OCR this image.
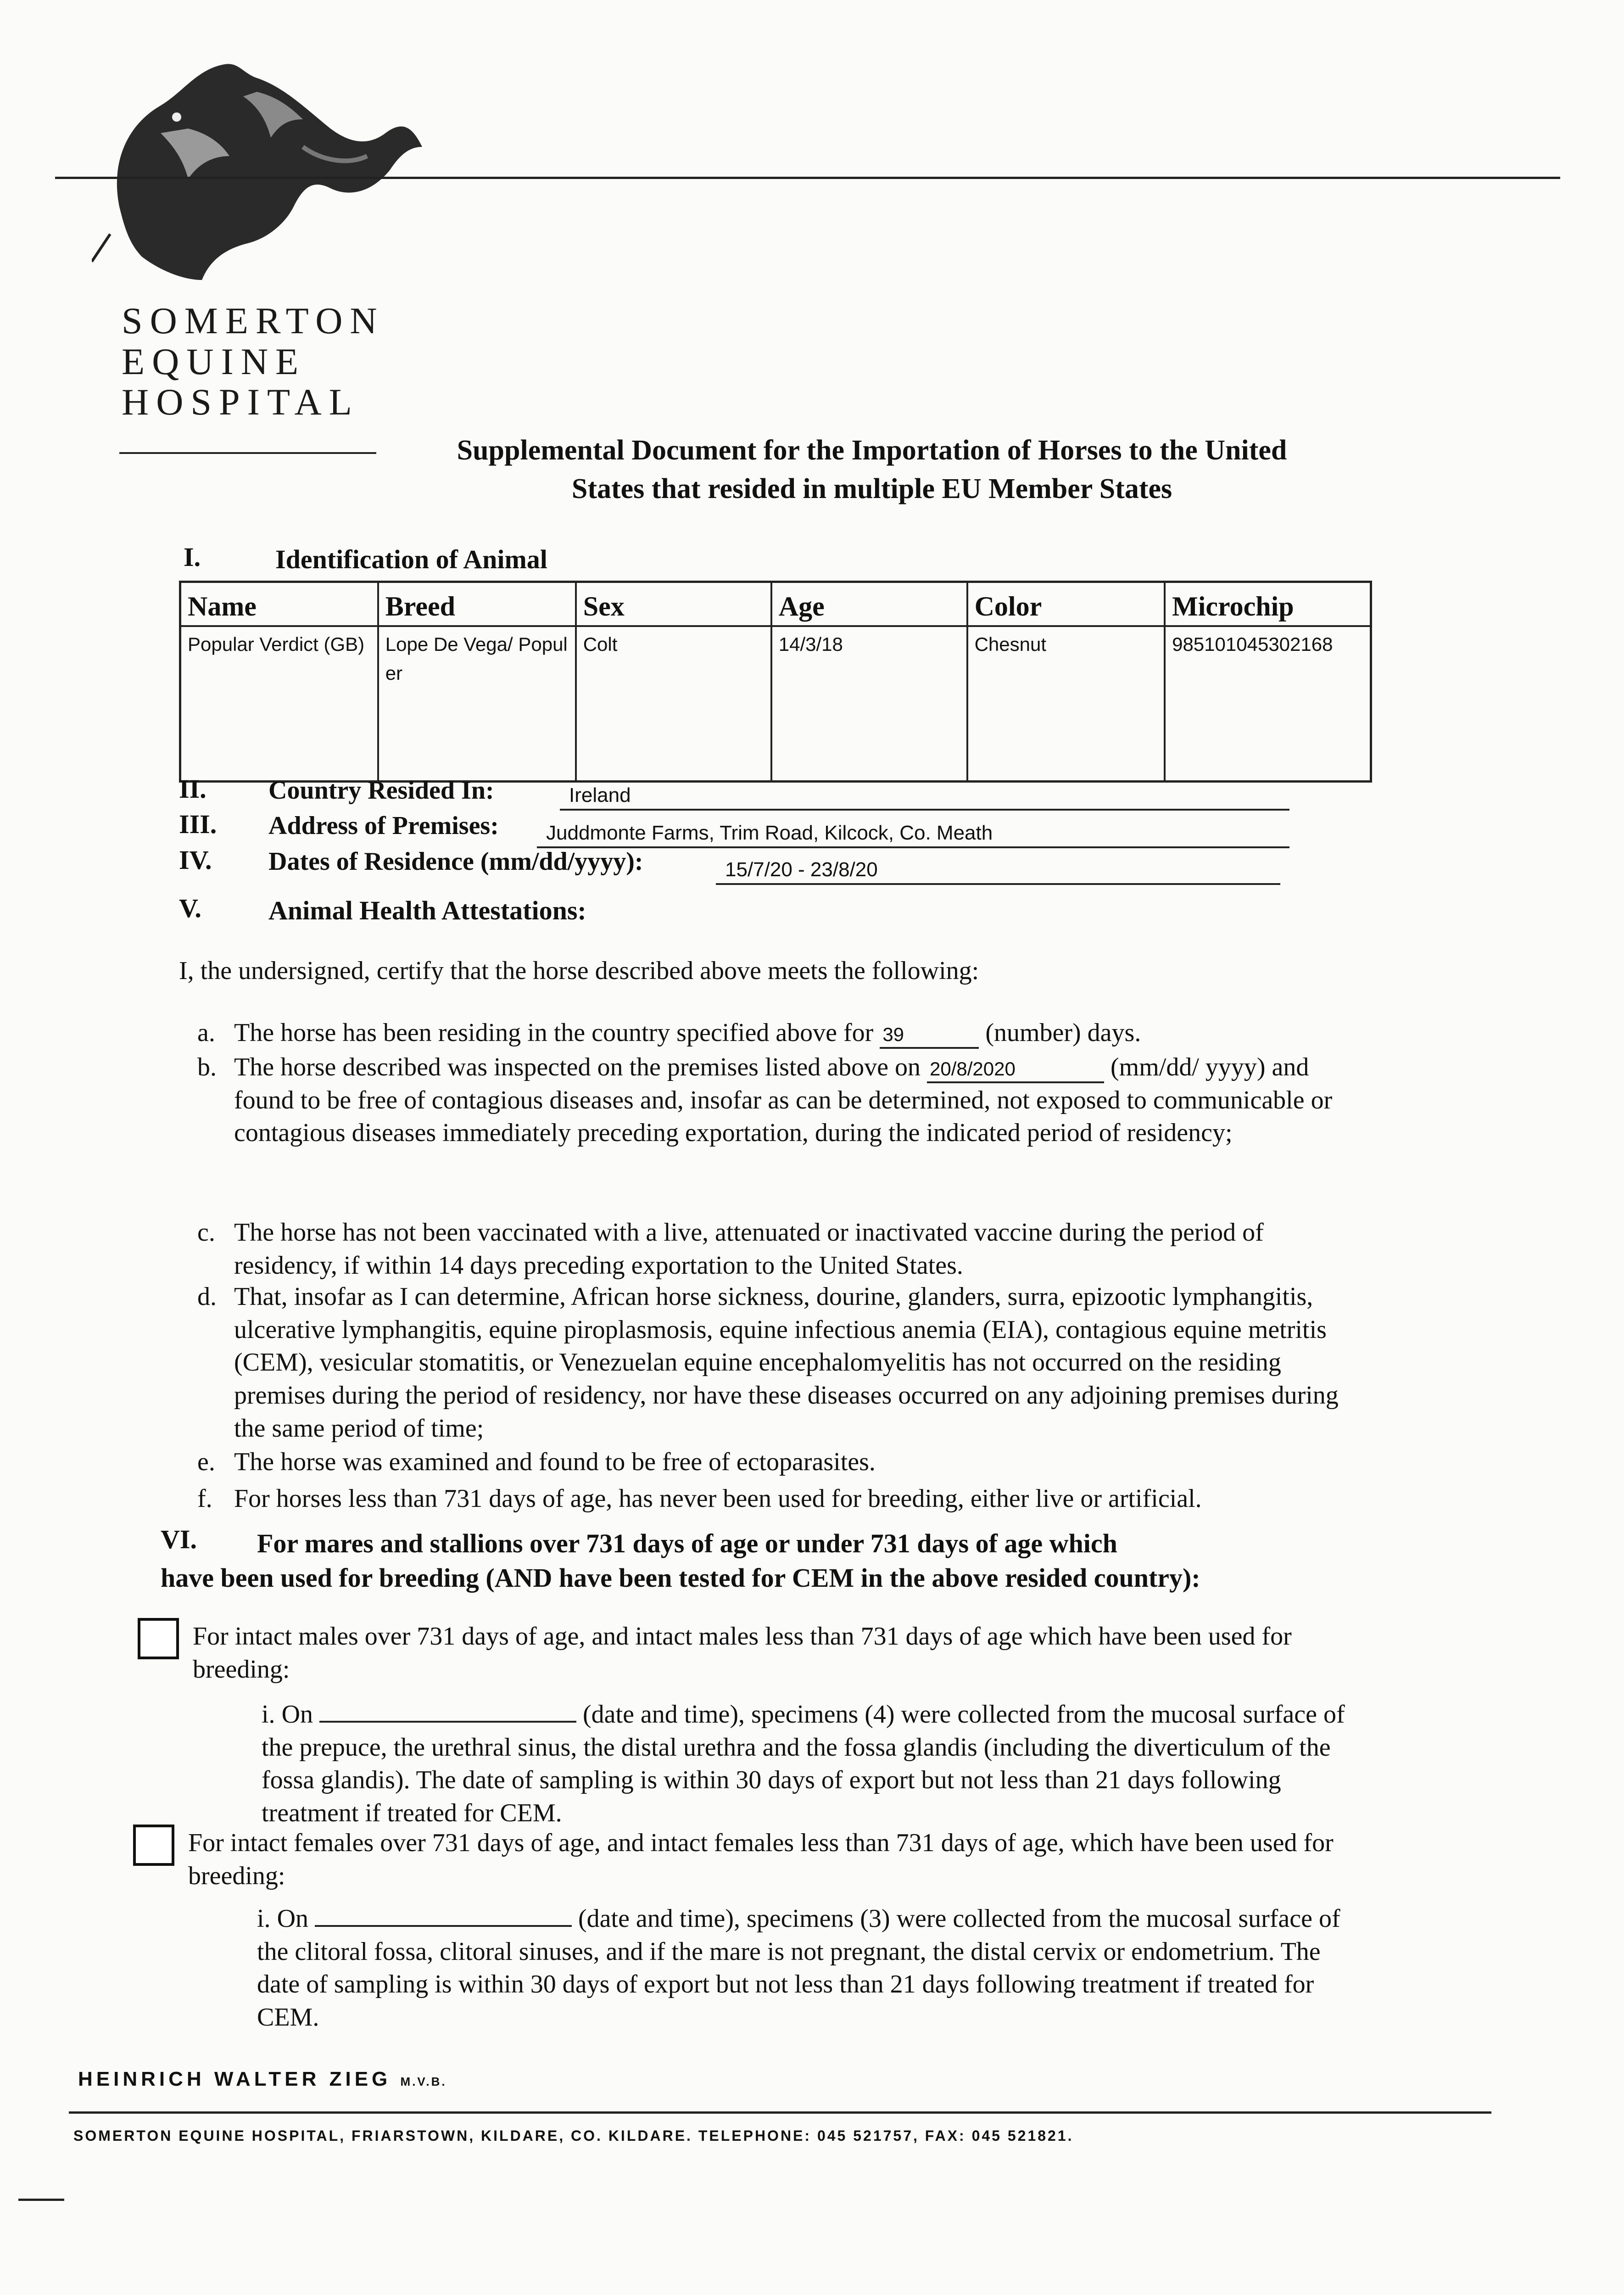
SOMERTON
EQUINE
HOSPITAL
Supplemental Document for the Importation of Horses to the United
States that resided in multiple EU Member States
I.	Identification of Animal
Name	Breed	Sex	Age	Color	Microchip

Popular Verdict (GB)	Lope De Vega/ Populer	Colt	14/3/18	Chesnut	985101045302168
II. Country Resided In:	Ireland
III. Address of Premises:	Juddmonte Farms, Trim Road, Kilcock, Co. Meath
IV. Dates of Residence (mm/dd/yyyy):	15/7/20 - 23/8/20
V.	Animal Health Attestations:
I, the undersigned, certify that the horse described above meets the following:
a. The horse has been residing in the country specified above for 39	(number) days.
b. The horse described was inspected on the premises listed above on 20/8/2020	(mm/dd/ yyyy) and found to be free of contagious diseases and, insofar as can be determined, not exposed to communicable or contagious diseases immediately preceding exportation, during the indicated period of residency;
c. The horse has not been vaccinated with a live, attenuated or inactivated vaccine during the period of residency, if within 14 days preceding exportation to the United States.
d. That, insofar as I can determine, African horse sickness, dourine, glanders, surra, epizootic lymphangitis, ulcerative lymphangitis, equine piroplasmosis, equine infectious anemia (EIA), contagious equine metritis (CEM), vesicular stomatitis, or Venezuelan equine encephalomyelitis has not occurred on the residing premises during the period of residency, nor have these diseases occurred on any adjoining premises during the same period of time;
e. The horse was examined and found to be free of ectoparasites.
f. For horses less than 731 days of age, has never been used for breeding, either live or artificial.
VI.	For mares and stallions over 731 days of age or under 731 days of age which
have been used for breeding (AND have been tested for CEM in the above resided country):
For intact males over 731 days of age, and intact males less than 731 days of age which have been used for breeding:
i. On	(date and time), specimens (4) were collected from the mucosal surface of the prepuce, the urethral sinus, the distal urethra and the fossa glandis (including the diverticulum of the fossa glandis). The date of sampling is within 30 days of export but not less than 21 days following treatment if treated for CEM.
For intact females over 731 days of age, and intact females less than 731 days of age, which have been used for breeding:
i. On	(date and time), specimens (3) were collected from the mucosal surface of the clitoral fossa, clitoral sinuses, and if the mare is not pregnant, the distal cervix or endometrium. The date of sampling is within 30 days of export but not less than 21 days following treatment if treated for CEM.
HEINRICH WALTER ZIEG M.V.B.
SOMERTON EQUINE HOSPITAL, FRIARSTOWN, KILDARE, CO. KILDARE. TELEPHONE: 045 521757, FAX: 045 521821.
